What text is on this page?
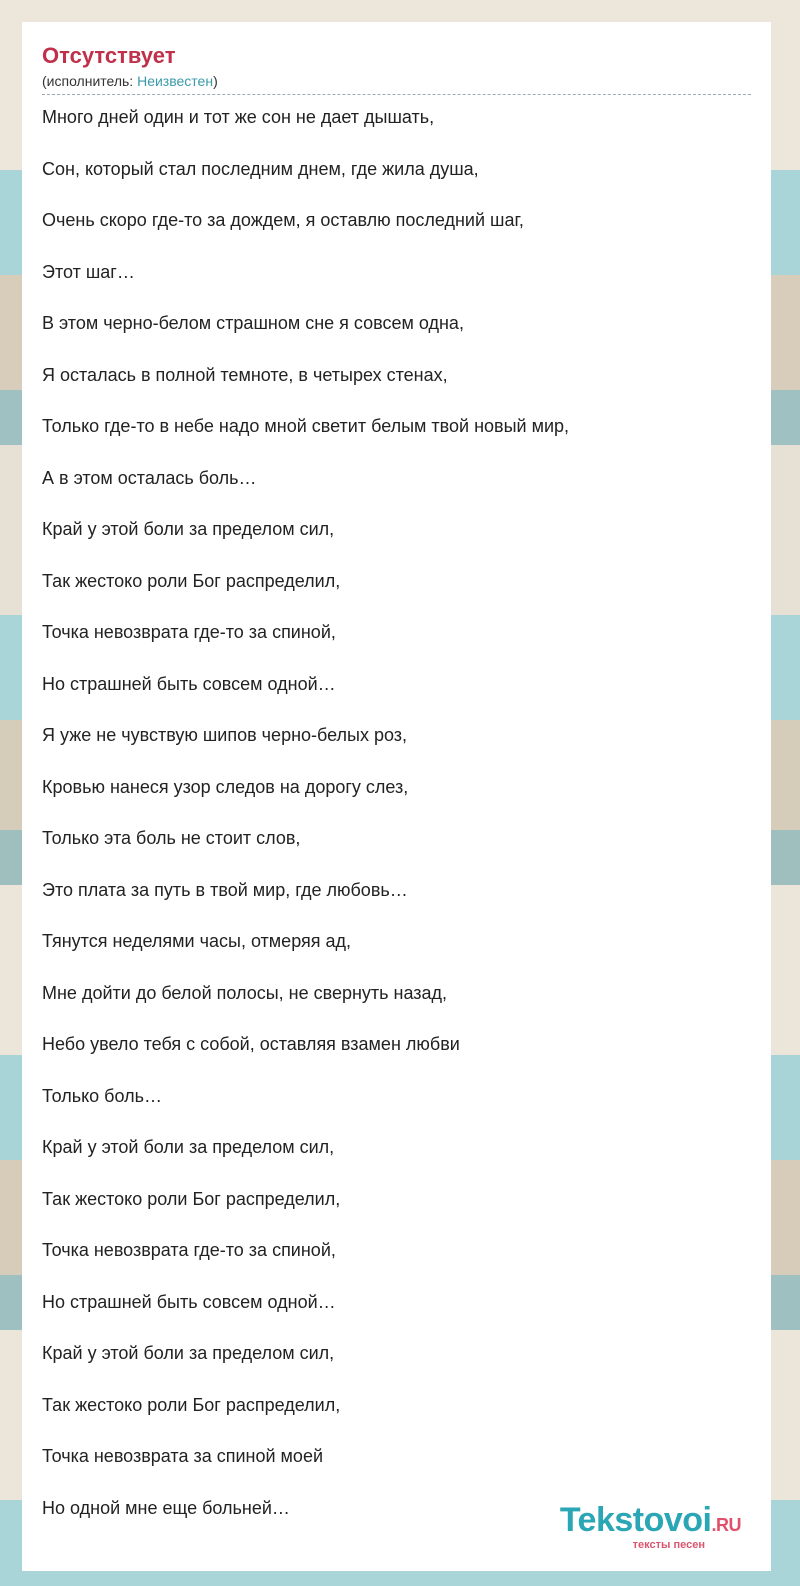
Отсутствует
(исполнитель: Неизвестен)
Много дней один и тот же сон не дает дышать,
Сон, который стал последним днем, где жила душа,
Очень скоро где-то за дождем, я оставлю последний шаг,
Этот шаг…
В этом черно-белом страшном сне я совсем одна,
Я осталась в полной темноте, в четырех стенах,
Только где-то в небе надо мной светит белым твой новый мир,
А в этом осталась боль…
Край у этой боли за пределом сил,
Так жестоко роли Бог распределил,
Точка невозврата где-то за спиной,
Но страшней быть совсем одной…
Я уже не чувствую шипов черно-белых роз,
Кровью нанеся узор следов на дорогу слез,
Только эта боль не стоит слов,
Это плата за путь в твой мир, где любовь…
Тянутся неделями часы, отмеряя ад,
Мне дойти до белой полосы, не свернуть назад,
Небо увело тебя с собой, оставляя взамен любви
Только боль…
Край у этой боли за пределом сил,
Так жестоко роли Бог распределил,
Точка невозврата где-то за спиной,
Но страшней быть совсем одной…
Край у этой боли за пределом сил,
Так жестоко роли Бог распределил,
Точка невозврата за спиной моей
Но одной мне еще больней…	Tekstovoi.RU
тексты песен
